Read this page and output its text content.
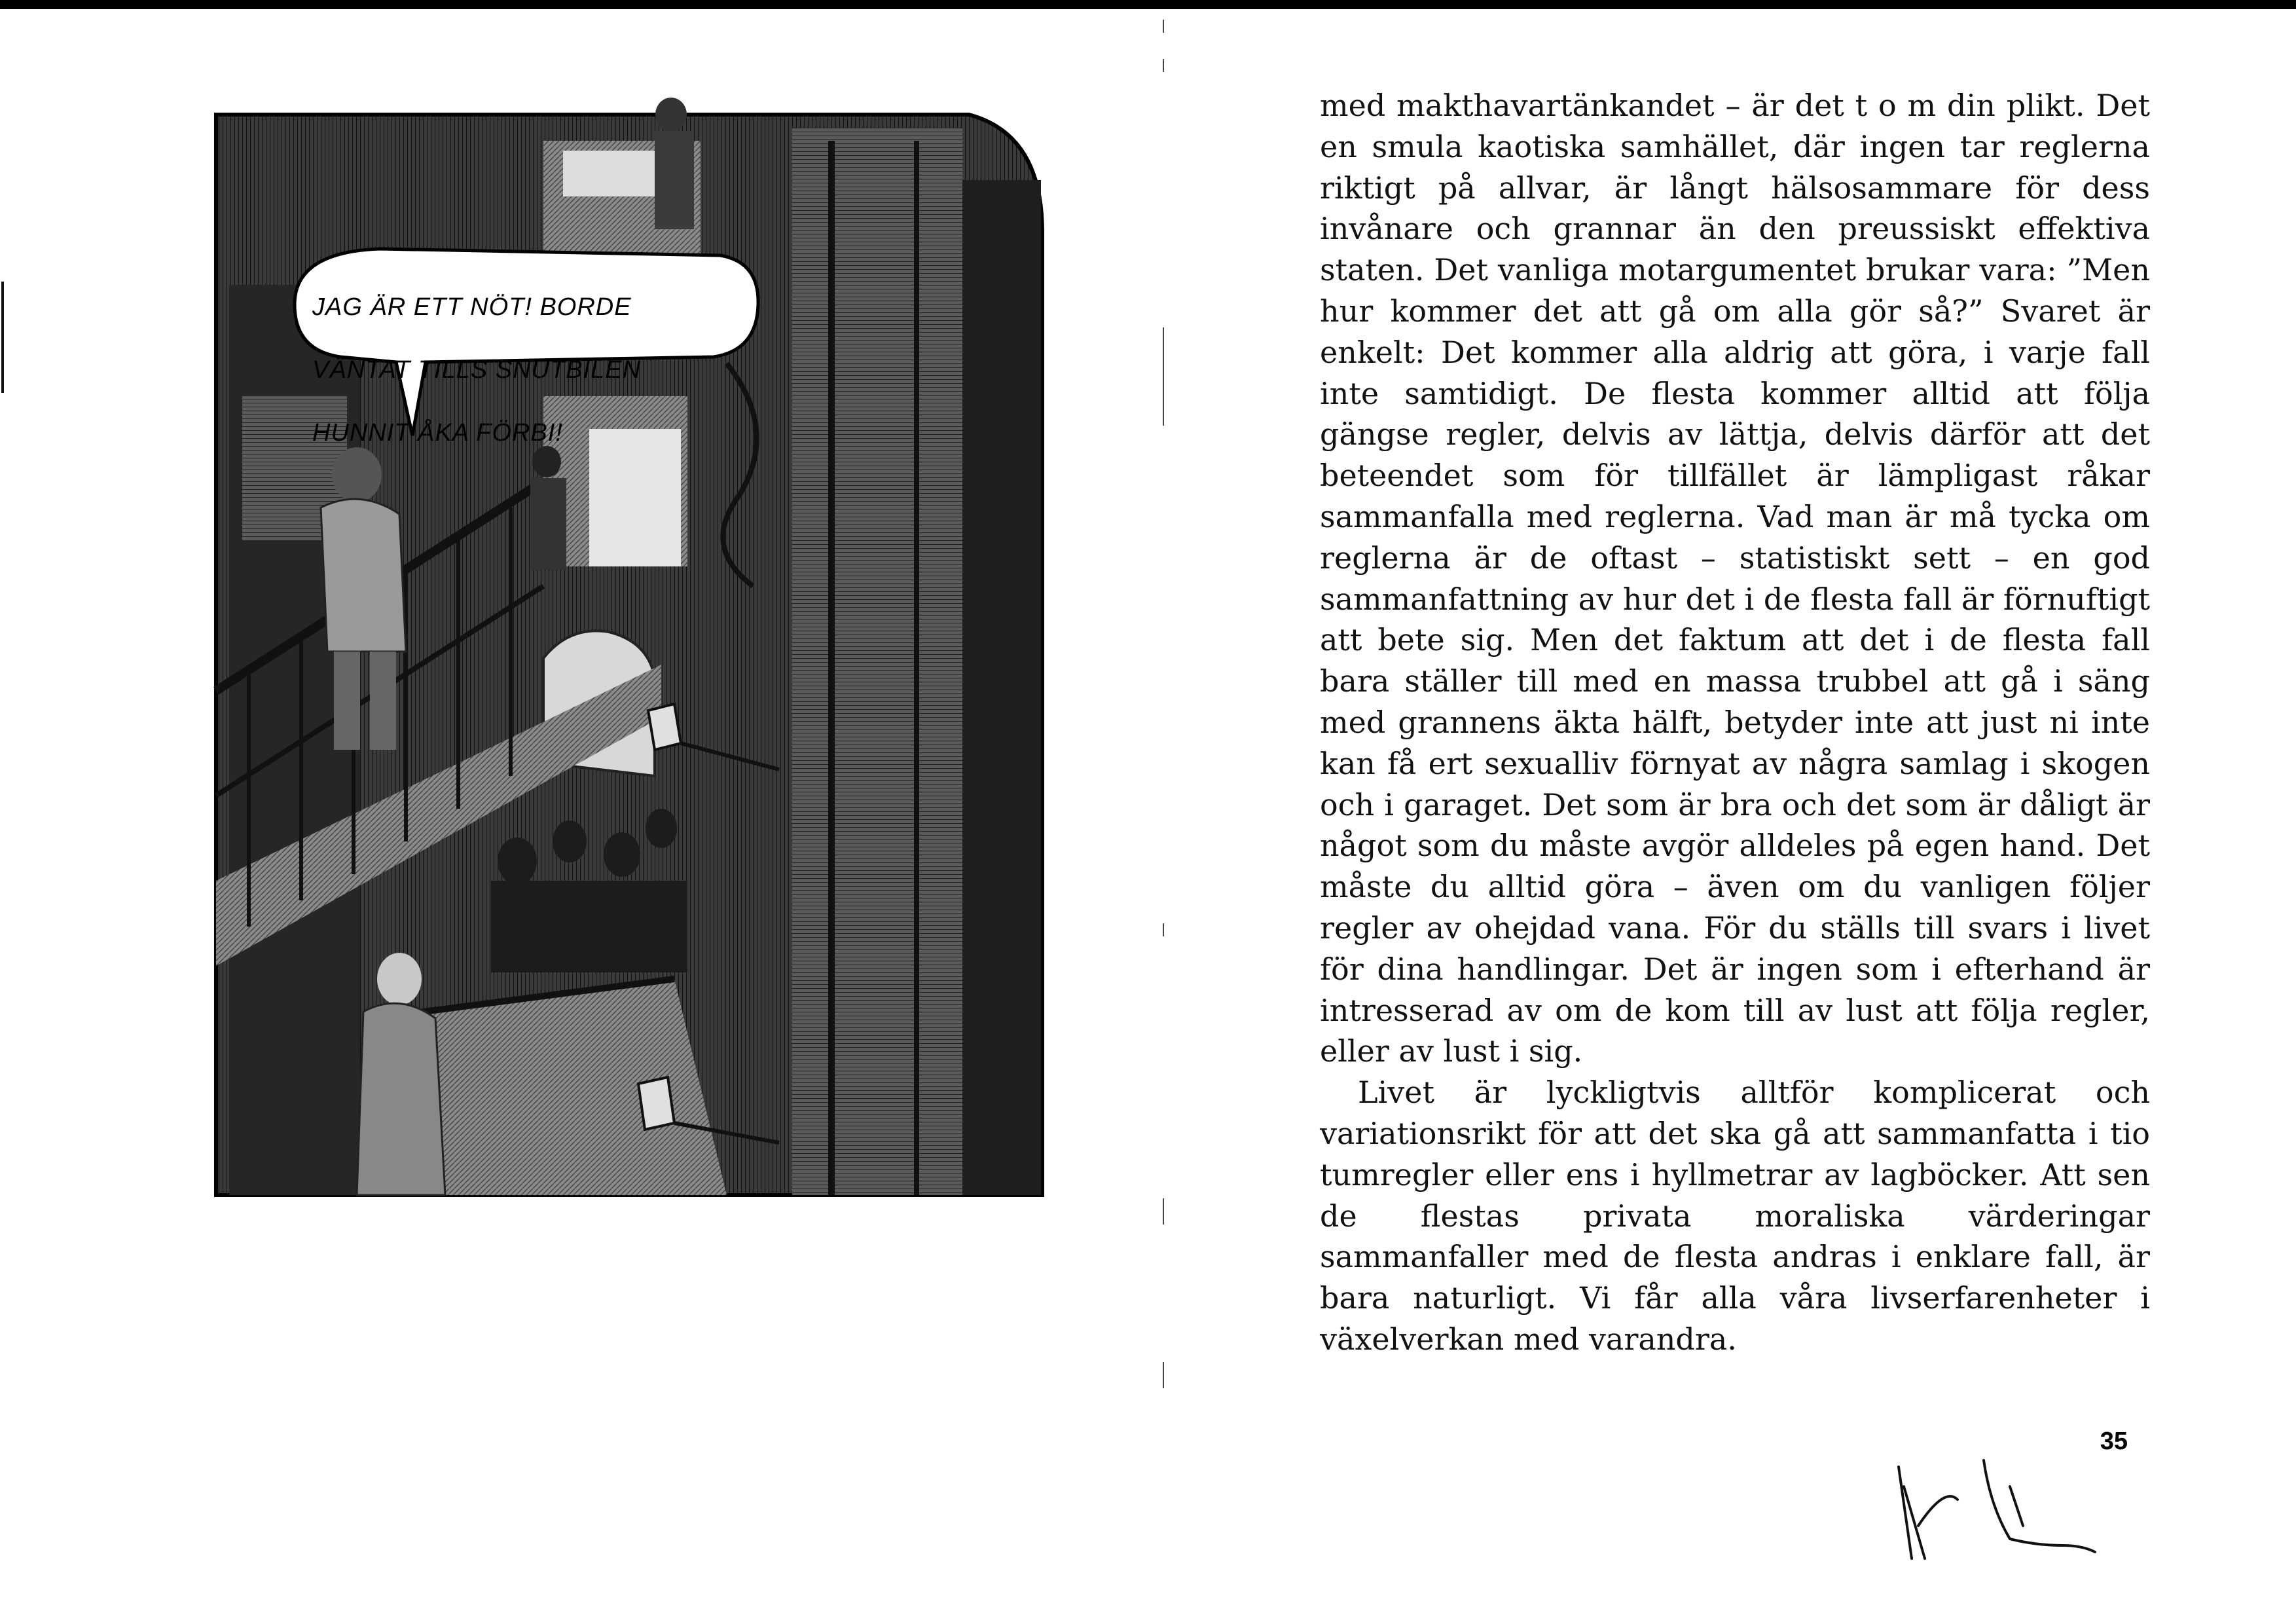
JAG ÄR ETT NÖT! BORDE

VÄNTAT TILLS SNUTBILEN

HUNNIT ÅKA FÖRBI!

med makthavartänkandet – är det t o m din plikt. Det en smula kaotiska samhället, där ingen tar reglerna riktigt på allvar, är långt hälsosammare för dess invånare och grannar än den preussiskt effektiva staten. Det vanliga motargumentet brukar vara: ”Men hur kommer det att gå om alla gör så?” Svaret är enkelt: Det kommer alla aldrig att göra, i varje fall inte samtidigt. De flesta kommer alltid att följa gängse regler, delvis av lättja, delvis därför att det beteendet som för tillfället är lämpligast råkar sammanfalla med reglerna. Vad man är må tycka om reglerna är de oftast – statistiskt sett – en god sammanfattning av hur det i de flesta fall är förnuftigt att bete sig. Men det faktum att det i de flesta fall bara ställer till med en massa trubbel att gå i säng med grannens äkta hälft, betyder inte att just ni inte kan få ert sexualliv förnyat av några samlag i skogen och i garaget. Det som är bra och det som är dåligt är något som du måste avgör alldeles på egen hand. Det måste du alltid göra – även om du vanligen följer regler av ohejdad vana. För du ställs till svars i livet för dina handlingar. Det är ingen som i efterhand är intresserad av om de kom till av lust att följa regler, eller av lust i sig.

Livet är lyckligtvis alltför komplicerat och variationsrikt för att det ska gå att sammanfatta i tio tumregler eller ens i hyllmetrar av lagböcker. Att sen de flestas privata moraliska värderingar sammanfaller med de flesta andras i enklare fall, är bara naturligt. Vi får alla våra livserfarenheter i växelverkan med varandra.

35
